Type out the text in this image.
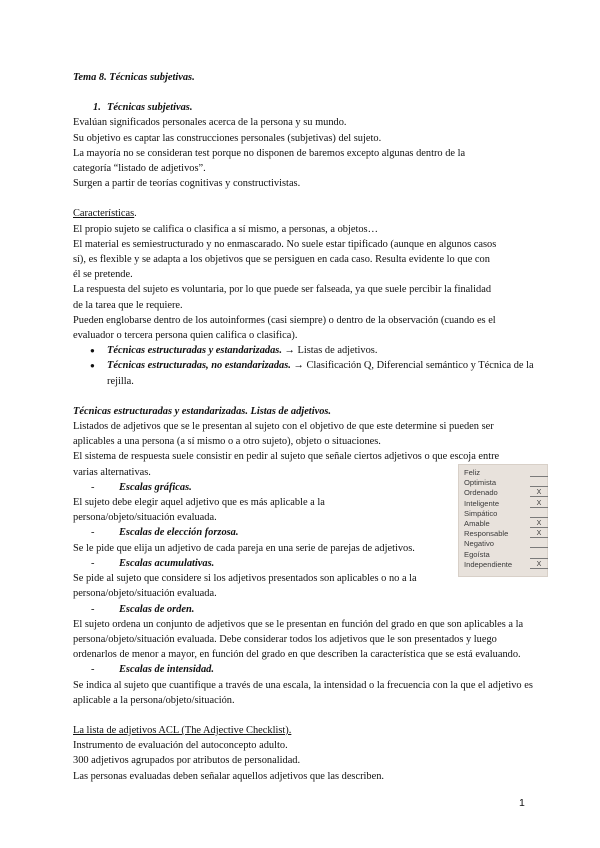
Tema 8. Técnicas subjetivas.

1. Técnicas subjetivas.

Evalúan significados personales acerca de la persona y su mundo.

Su objetivo es captar las construcciones personales (subjetivas) del sujeto.

La mayoría no se consideran test porque no disponen de baremos excepto algunas dentro de la

categoría “listado de adjetivos”.

Surgen a partir de teorías cognitivas y constructivistas.

Características.

El propio sujeto se califica o clasifica a sí mismo, a personas, a objetos…

El material es semiestructurado y no enmascarado. No suele estar tipificado (aunque en algunos casos

sí), es flexible y se adapta a los objetivos que se persiguen en cada caso. Resulta evidente lo que con

él se pretende.

La respuesta del sujeto es voluntaria, por lo que puede ser falseada, ya que suele percibir la finalidad

de la tarea que le requiere.

Pueden englobarse dentro de los autoinformes (casi siempre) o dentro de la observación (cuando es el

evaluador o tercera persona quien califica o clasifica).

● Técnicas estructuradas y estandarizadas. → Listas de adjetivos.
● Técnicas estructuradas, no estandarizadas. → Clasificación Q, Diferencial semántico y Técnica de la rejilla.

Técnicas estructuradas y estandarizadas. Listas de adjetivos.

Listados de adjetivos que se le presentan al sujeto con el objetivo de que este determine si pueden ser

aplicables a una persona (a sí mismo o a otro sujeto), objeto o situaciones.

El sistema de respuesta suele consistir en pedir al sujeto que señale ciertos adjetivos o que escoja entre

varias alternativas.

- Escalas gráficas.

El sujeto debe elegir aquel adjetivo que es más aplicable a la persona/objeto/situación evaluada.

- Escalas de elección forzosa.

Se le pide que elija un adjetivo de cada pareja en una serie de parejas de adjetivos.

- Escalas acumulativas.

Se pide al sujeto que considere si los adjetivos presentados son aplicables o no a la persona/objeto/situación evaluada.

- Escalas de orden.

El sujeto ordena un conjunto de adjetivos que se le presentan en función del grado en que son aplicables a la persona/objeto/situación evaluada. Debe considerar todos los adjetivos que le son presentados y luego ordenarlos de menor a mayor, en función del grado en que describen la característica que se está evaluando.

- Escalas de intensidad.

Se indica al sujeto que cuantifique a través de una escala, la intensidad o la frecuencia con la que el adjetivo es aplicable a la persona/objeto/situación.

La lista de adjetivos ACL (The Adjective Checklist).

Instrumento de evaluación del autoconcepto adulto.

300 adjetivos agrupados por atributos de personalidad.

Las personas evaluadas deben señalar aquellos adjetivos que las describen.

Feliz
Optimista
Ordenado	X
Inteligente	X
Simpático
Amable	X
Responsable	X
Negativo
Egoísta
Independiente	X
1
